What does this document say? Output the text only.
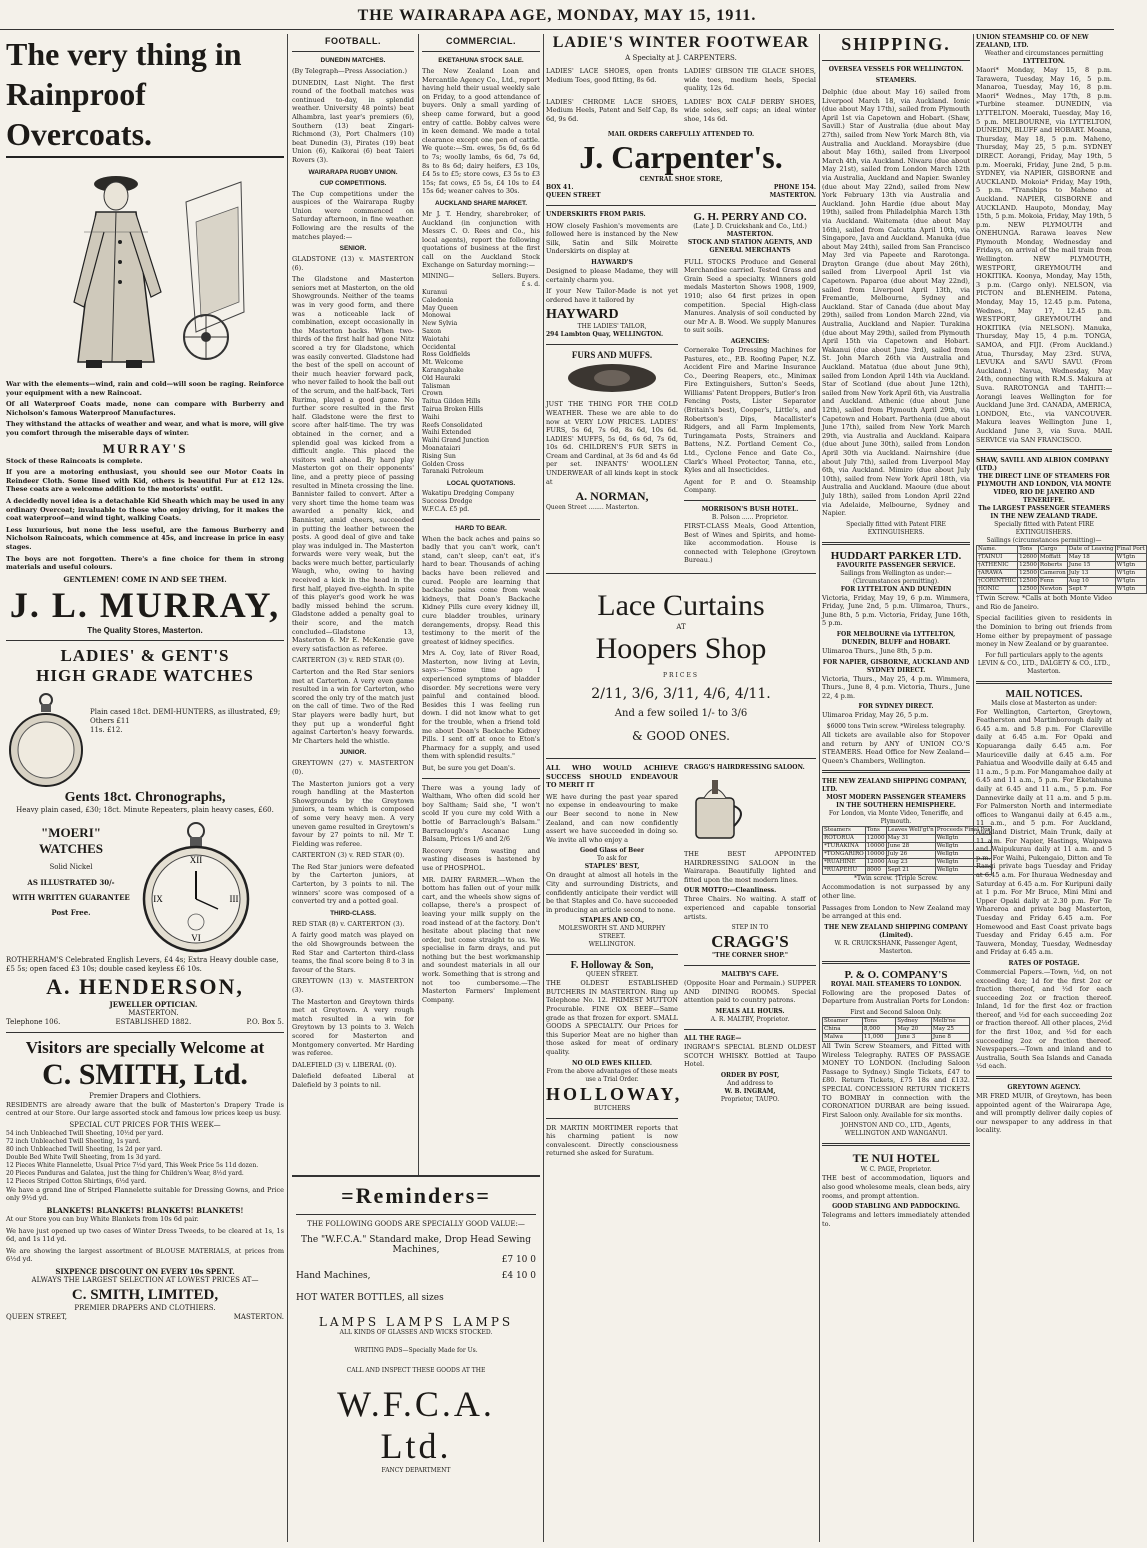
THE WAIRARAPA AGE, MONDAY, MAY 15, 1911.
The very thing in
Rainproof Overcoats.
War with the elements—wind, rain and cold—will soon be raging. Reinforce your equipment with a new Raincoat.
Of all Waterproof Coats made, none can compare with Burberry and Nicholson's famous Waterproof Manufactures.
They withstand the attacks of weather and wear, and what is more, will give you comfort through the miserable days of winter.
MURRAY'S
Stock of these Raincoats is complete.
If you are a motoring enthusiast, you should see our Motor Coats in Reindeer Cloth. Some lined with Kid, others is beautiful Fur at £12 12s. These coats are a welcome addition to the motorists' outfit.
A decidedly novel idea is a detachable Kid Sheath which may be used in any ordinary Overcoat; invaluable to those who enjoy driving, for it makes the coat waterproof—and wind tight, walking Coats.
Less luxurious, but none the less useful, are the famous Burberry and Nicholson Raincoats, which commence at 45s, and increase in price in easy stages.
The boys are not forgotten. There's a fine choice for them in strong materials and useful colours.
GENTLEMEN! COME IN AND SEE THEM.
J. L. MURRAY,
The Quality Stores, Masterton.
LADIES' & GENT'S
HIGH GRADE WATCHES
Plain cased 18ct. DEMI-HUNTERS, as illustrated, £9; Others £11
11s. £12.
Gents 18ct. Chronographs,
Heavy plain cased, £30; 18ct. Minute Repeaters, plain heavy cases, £60.
"MOERI"
WATCHES
Solid Nickel
AS ILLUSTRATED 30/-
WITH WRITTEN GUARANTEE
Post Free.
XII
III
VI
IX
ROTHERHAM'S Celebrated English Levers, £4 4s; Extra Heavy double case, £5 5s; open faced £3 10s; double cased keyless £6 10s.
A. HENDERSON,
Telephone 106.
JEWELLER OPTICIAN.
MASTERTON.
ESTABLISHED 1882.	P.O. Box 5.
Visitors are specially Welcome at
C. SMITH, Ltd.
Premier Drapers and Clothiers.
RESIDENTS are already aware that the bulk of Masterton's Drapery Trade is centred at our Store. Our large assorted stock and famous low prices keep us busy.
SPECIAL CUT PRICES FOR THIS WEEK—
54 inch Unbleached Twill Sheeting, 10½d per yard.
72 inch Unbleached Twill Sheeting, 1s yard.
80 inch Unbleached Twill Sheeting, 1s 2d per yard.
Double Bed White Twill Sheeting, from 1s 3d yard.
12 Pieces White Flannelette, Usual Price 7½d yard, This Week Price 5s 11d dozen.
20 Pieces Panduras and Galatea, just the thing for Children's Wear, 8½d yard.
12 Pieces Striped Cotton Shirtings, 6½d yard.
We have a grand line of Striped Flannelette suitable for Dressing Gowns, and Price only 9½d yd.
BLANKETS! BLANKETS! BLANKETS! BLANKETS!
At our Store you can buy White Blankets from 10s 6d pair.
We have just opened up two cases of Winter Dress Tweeds, to be cleared at 1s, 1s 6d, and 1s 11d yd.
We are showing the largest assortment of BLOUSE MATERIALS, at prices from 6½d yd.
SIXPENCE DISCOUNT ON EVERY 10s SPENT.
ALWAYS THE LARGEST SELECTION AT LOWEST PRICES AT—
C. SMITH, LIMITED,
PREMIER DRAPERS AND CLOTHIERS.
QUEEN STREET,	MASTERTON.
FOOTBALL.
DUNEDIN MATCHES.
(By Telegraph—Press Association.)
DUNEDIN, Last Night. The first round of the football matches was continued to-day, in splendid weather. University 48 points) beat Alhambra, last year's premiers (6), Southern (13) beat Zingari-Richmond (3), Port Chalmers (10) beat Dunedin (3), Pirates (19) beat Union (6), Kaikorai (6) beat Taieri Rovers (3).
WAIRARAPA RUGBY UNION.
CUP COMPETITIONS.
The Cup competitions under the auspices of the Wairarapa Rugby Union were commenced on Saturday afternoon, in fine weather. Following are the results of the matches played:—
SENIOR.
GLADSTONE (13) v. MASTERTON (6).
The Gladstone and Masterton seniors met at Masterton, on the old Showgrounds. Neither of the teams was in very good form, and there was a noticeable lack of combination, except occasionally in the Masterton backs. When two-thirds of the first half had gone Nitz scored a try for Gladstone, which was easily converted. Gladstone had the best of the spell on account of their much heavier forward pack, who never failed to hook the ball out of the scrum, and the half-back, Teri Rurima, played a good game. No further score resulted in the first half. Gladstone were the first to score after half-time. The try was obtained in the corner, and a splendid goal was kicked from a difficult angle. This placed the visitors well ahead. By hard play Masterton got on their opponents' line, and a pretty piece of passing resulted in Mineta crossing the line. Bannister failed to convert. After a very short time the home team was awarded a penalty kick, and Bannister, amid cheers, succeeded in putting the leather between the posts. A good deal of give and take play was indulged in. The Masterton forwards were very weak, but the backs were much better, particularly Waugh, who, owing to having received a kick in the head in the first half, played five-eighth. In spite of this player's good work he was badly missed behind the scrum. Gladstone added a penalty goal to their score, and the match concluded—Gladstone 13, Masterton 6. Mr E. McKenzie gave every satisfaction as referee.
CARTERTON (3) v. RED STAR (0).
Carterton and the Red Star seniors met at Carterton. A very even game resulted in a win for Carterton, who scored the only try of the match just on the call of time. Two of the Red Star players were badly hurt, but they put up a wonderful fight against Carterton's heavy forwards. Mr Charters held the whistle.
JUNIOR.
GREYTOWN (27) v. MASTERTON (0).
The Masterton juniors got a very rough handling at the Masterton Showgrounds by the Greytown juniors, a team which is composed of some very heavy men. A very uneven game resulted in Greytown's favour by 27 points to nil. Mr T. Fielding was referee.
CARTERTON (3) v. RED STAR (0).
The Red Star juniors were defeated by the Carterton juniors, at Carterton, by 3 points to nil. The winners' score was composed of a converted try and a potted goal.
THIRD-CLASS.
RED STAR (8) v. CARTERTON (3).
A fairly good match was played on the old Showgrounds between the Red Star and Carterton third-class teams, the final score being 8 to 3 in favour of the Stars.
GREYTOWN (13) v. MASTERTON (3).
The Masterton and Greytown thirds met at Greytown. A very rough match resulted in a win for Greytown by 13 points to 3. Welch scored for Masterton and Montgomery converted. Mr Harding was referee.
DALEFIELD (3) v. LIBERAL (0).
Dalefield defeated Liberal at Dalefield by 3 points to nil.
COMMERCIAL.
EKETAHUNA STOCK SALE.
The New Zealand Loan and Mercantile Agency Co., Ltd., report having held their usual weekly sale on Friday, to a good attendance of buyers. Only a small yarding of sheep came forward, but a good entry of cattle. Bobby calves were in keen demand. We made a total clearance except one pen of cattle. We quote:—Sm. ewes, 5s 6d, 6s 6d to 7s; woolly lambs, 6s 6d, 7s 6d, 8s to 8s 6d; dairy heifers, £3 10s, £4 5s to £5; store cows, £3 5s to £3 15s; fat cows, £5 5s, £4 10s to £4 15s 6d; weaner calves to 30s.
AUCKLAND SHARE MARKET.
Mr J. T. Hendry, sharebroker, of Auckland (in conjunction with Messrs C. O. Rees and Co., his local agents), report the following quotations of business at the first call on the Auckland Stock Exchange on Saturday morning:—
MINING—	Sellers. Buyers.
£ s. d.
Kuranui
Caledonia
May Queen
Monowai
New Sylvia
Saxon
Waiotahi
Occidental
Ross Goldfields
Mt. Welcome
Karangahake
Old Hauraki
Talisman
Crown
Taitua Gilden Hills
Tairua Broken Hills
Waihi
Reefs Consolidated
Waihi Extended
Waihi Grand Junction
Moanataiari
Rising Sun
Golden Cross
Taranaki Petroleum
LOCAL QUOTATIONS.
Wakatipu Dredging Company
Success Dredge
W.F.C.A. £5 pd.
HARD TO BEAR.
When the back aches and pains so badly that you can't work, can't stand, can't sleep, can't eat, it's hard to bear. Thousands of aching backs have been relieved and cured. People are learning that backache pains come from weak kidneys, that Doan's Backache Kidney Pills cure every kidney ill, cure bladder troubles, urinary derangements, dropsy. Read this testimony to the merit of the greatest of kidney specifics.
Mrs A. Coy, late of River Road, Masterton, now living at Levin, says:—"Some time ago I experienced symptoms of bladder disorder. My secretions were very painful and contained blood. Besides this I was feeling run down. I did not know what to get for the trouble, when a friend told me about Doan's Backache Kidney Pills. I sent off at once to Eton's Pharmacy for a supply, and used them with splendid results."
But, be sure you get Doan's.
There was a young lady of Waltham, Who often did scold her boy Saltham; Said she, "I won't scold If you cure my cold With a bottle of Barraclough's Balsam." Barraclough's Ascanac Lung Balsam, Prices 1/6 and 2/6
Recovery from wasting and wasting diseases is hastened by use of PHOSPHOL.
MR. DAIRY FARMER.—When the bottom has fallen out of your milk cart, and the wheels show signs of collapse, there's a prospect of leaving your milk supply on the road instead of at the factory. Don't hesitate about placing that new order, but come straight to us. We specialise in farm drays, and put nothing but the best workmanship and soundest materials in all our work. Something that is strong and not too cumbersome.—The Masterton Farmers' Implement Company.
=Reminders=
THE FOLLOWING GOODS ARE SPECIALLY GOOD VALUE:—
The "W.F.C.A." Standard make, Drop Head Sewing Machines,
£7 10 0
Hand Machines,	£4 10 0
HOT WATER BOTTLES, all sizes
LAMPS LAMPS LAMPS
ALL KINDS OF GLASSES AND WICKS STOCKED.
WRITING PADS—Specially Made for Us.
CALL AND INSPECT THESE GOODS AT THE
W.F.C.A. Ltd.
FANCY DEPARTMENT
LADIE'S WINTER FOOTWEAR
A Specialty at J. CARPENTERS.
LADIES' LACE SHOES, open fronts Medium Toes, good fitting, 8s 6d.
LADIES' GIBSON TIE GLACE SHOES, wide toes, medium heels, Special quality, 12s 6d.
LADIES' CHROME LACE SHOES, Medium Heels, Patent and Self Cap, 8s 6d, 9s 6d.
LADIES' BOX CALF DERBY SHOES, wide soles, self caps; an ideal winter shoe, 14s 6d.
MAIL ORDERS CAREFULLY ATTENDED TO.
J. Carpenter's.
CENTRAL SHOE STORE,
BOX 41.	PHONE 154.
QUEEN STREET	MASTERTON.
UNDERSKIRTS FROM PARIS.
HOW closely Fashion's movements are followed here is instanced by the New Silk, Satin and Silk Moirette Underskirts on display at
HAYWARD'S
Designed to please Madame, they will certainly charm you.
If your New Tailor-Made is not yet ordered have it tailored by
HAYWARD
THE LADIES' TAILOR,
294 Lambton Quay, WELLINGTON.
FURS AND MUFFS.
JUST THE THING FOR THE COLD WEATHER. These we are able to do now at VERY LOW PRICES. LADIES' FURS, 5s 6d, 7s 6d, 8s 6d, 10s 6d. LADIES' MUFFS, 5s 6d, 6s 6d, 7s 6d, 10s 6d. CHILDREN'S FUR SETS in Cream and Cardinal, at 3s 6d and 4s 6d per set. INFANTS' WOOLLEN UNDERWEAR of all kinds kept in stock at
A. NORMAN,
Queen Street ........ Masterton.
G. H. PERRY AND CO.
(Late J. D. Cruickshank and Co., Ltd.)
MASTERTON.
STOCK AND STATION AGENTS, AND GENERAL MERCHANTS
FULL STOCKS Produce and General Merchandise carried. Tested Grass and Grain Seed a specialty. Winners gold medals Masterton Shows 1908, 1909, 1910; also 64 first prizes in open competition. Special High-class Manures. Analysis of soil conducted by our Mr A. B. Wood. We supply Manures to suit soils.
AGENCIES:
Cornerake Top Dressing Machines for Pastures, etc., P.B. Roofing Paper, N.Z. Accident Fire and Marine Insurance Co., Deering Reapers, etc., Minimax Fire Extinguishers, Sutton's Seeds, Williams' Patent Droppers, Butler's Iron Fencing Posts, Lister Separator (Britain's best), Cooper's, Little's, and Robertson's Dips, Macallister's Ridgers, and all Farm Implements, Turingamata Posts, Strainers and Battens, N.Z. Portland Cement Co., Ltd., Cyclone Fence and Gate Co., Clark's Wheel Protector, Tanna, etc., Kyles and all Insecticides.
Agent for P. and O. Steamship Company.
MORRISON'S BUSH HOTEL.
B. Polson ...... Proprietor.
FIRST-CLASS Meals, Good Attention, Best of Wines and Spirits, and home-like accommodation. House is connected with Telephone (Greytown Bureau.)
Lace Curtains
AT
Hoopers Shop
PRICES
2/11, 3/6, 3/11, 4/6, 4/11.
And a few soiled 1/- to 3/6
& GOOD ONES.
ALL WHO WOULD ACHIEVE SUCCESS SHOULD ENDEAVOUR TO MERIT IT
WE have during the past year spared no expense in endeavouring to make our Beer second to none in New Zealand, and can now confidently assert we have succeeded in doing so. We invite all who enjoy a
Good Glass of Beer
To ask for
STAPLES' BEST,
On draught at almost all hotels in the City and surrounding Districts, and confidently anticipate their verdict will be that Staples and Co. have succeeded in producing an article second to none.
STAPLES AND CO.,
MOLESWORTH ST. AND MURPHY STREET.
WELLINGTON.
F. Holloway & Son,
QUEEN STREET.
THE OLDEST ESTABLISHED BUTCHERS IN MASTERTON. Ring up Telephone No. 12. PRIMEST MUTTON Procurable. FINE OX BEEF—Same grade as that frozen for export. SMALL GOODS A SPECIALTY. Our Prices for this Superior Meat are no higher than those asked for meat of ordinary quality.
NO OLD EWES KILLED.
From the above advantages of these meats use a Trial Order.
HOLLOWAY,
BUTCHERS
DR MARTIN MORTIMER reports that his charming patient is now convalescent. Directly consciousness returned she asked for Suratum.
CRAGG'S HAIRDRESSING SALOON.
THE BEST APPOINTED HAIRDRESSING SALOON in the Wairarapa. Beautifully lighted and fitted upon the most modern lines.
OUR MOTTO:—Cleanliness.
Three Chairs. No waiting. A staff of experienced and capable tonsorial artists.
STEP IN TO
CRAGG'S
"THE CORNER SHOP."
MALTBY'S CAFE.
(Opposite Hoar and Permain.) SUPPER AND DINING ROOMS. Special attention paid to country patrons.
MEALS ALL HOURS.
A. R. MALTBY, Proprietor.
ALL THE RAGE—
INGRAM'S SPECIAL BLEND OLDEST SCOTCH WHISKY. Bottled at Taupo Hotel.
ORDER BY POST,
And address to
W. B. INGRAM,
Proprietor, TAUPO.
SHIPPING.
OVERSEA VESSELS FOR WELLINGTON.
STEAMERS.
Delphic (due about May 16) sailed from Liverpool March 18, via Auckland. Ionic (due about May 17th), sailed from Plymouth April 1st via Capetown and Hobart. (Shaw, Savill.) Star of Australia (due about May 27th), sailed from New York March 8th, via Australia and Auckland. Moraysbire (due about May 16th), sailed from Liverpool March 4th, via Auckland. Niwaru (due about May 21st), sailed from London March 12th via Australia, Auckland and Napier. Swanley (due about May 22nd), sailed from New York February 13th via Australia and Auckland. John Hardie (due about May 19th), sailed from Philadelphia March 13th via Auckland. Waitemata (due about May 16th), sailed from Calcutta April 10th, via Singapore, Java and Auckland. Manuka (due about May 24th), sailed from San Francisco May 3rd via Papeete and Rarotonga. Drayton Grange (due about May 26th), sailed from Liverpool April 1st via Capetown. Paparoa (due about May 22nd), sailed from Liverpool April 13th, via Fremantle, Melbourne, Sydney and Auckland. Star of Canada (due about May 29th), sailed from London March 22nd, via Australia, Auckland and Napier. Turakina (due about May 29th), sailed from Plymouth April 15th via Capetown and Hobart. Wakanui (due about June 3rd), sailed from St. John March 26th via Australia and Auckland. Matatua (due about June 9th), sailed from London April 14th via Auckland. Star of Scotland (due about June 12th), sailed from New York April 6th, via Australia and Auckland. Athenic (due about June 12th), sailed from Plymouth April 29th, via Capetown and Hobart. Parthenia (due about June 17th), sailed from New York March 29th, via Australia and Auckland. Kaipara (due about June 30th), sailed from London April 30th via Auckland. Nairnshire (due about July 7th), sailed from Liverpool May 6th, via Auckland. Mimiro (due about July 10th), sailed from New York April 18th, via Australia and Auckland. Maoure (due about July 18th), sailed from London April 22nd via Adelaide, Melbourne, Sydney and Napier.
Specially fitted with Patent FIRE EXTINGUISHERS.
HUDDART PARKER LTD.
FAVOURITE PASSENGER SERVICE.
Sailings from Wellington as under:— (Circumstances permitting).
FOR LYTTELTON AND DUNEDIN
Victoria, Friday, May 19, 6 p.m. Wimmera, Friday, June 2nd, 5 p.m. Ulimaroa, Thurs., June 8th, 5 p.m. Victoria, Friday, June 16th, 5 p.m.
FOR MELBOURNE via LYTTELTON, DUNEDIN, BLUFF and HOBART.
Ulimaroa Thurs., June 8th, 5 p.m.
FOR NAPIER, GISBORNE, AUCKLAND AND SYDNEY DIRECT.
Victoria, Thurs., May 25, 4 p.m. Wimmera, Thurs., June 8, 4 p.m. Victoria, Thurs., June 22, 4 p.m.
FOR SYDNEY DIRECT.
Ulimaroa Friday, May 26, 5 p.m.
$6000 tons Twin screw. *Wireless telegraphy.
All tickets are available also for Stopover and return by ANY of UNION CO.'S STEAMERS. Head Office for New Zealand—Queen's Chambers, Wellington.
THE NEW ZEALAND SHIPPING COMPANY, LTD.
MOST MODERN PASSENGER STEAMERS IN THE SOUTHERN HEMISPHERE.
For London, via Monte Video, Teneriffe, and Plymouth.
Steamers	Tons	Leaves Well'gt'n	Proceeds Final Por
ROTORUA	12000	May 31	Wellgtn
*TURAKINA	10000	June 28	Wellgtn
*TONGARIRO	10000	July 26	Wellgtn
*RUAHINE	12000	Aug 23	Wellgtn
*RUAPEHU	8000	Sept 21	Wellgtn
*Twin screw. †Triple Screw.
Accommodation is not surpassed by any other line.
Passages from London to New Zealand may be arranged at this end.
THE NEW ZEALAND SHIPPING COMPANY (Limited).
W. R. CRUICKSHANK, Passenger Agent, Masterton.
P. & O. COMPANY'S
ROYAL MAIL STEAMERS TO LONDON.
Following are the proposed Dates of Departure from Australian Ports for London:
First and Second Saloon Only.
Steamer	Tons	Sydney	Melb'ne
China	8,000	May 20	May 25
Malwa	11,000	June 3	June 8
All Twin Screw Steamers, and Fitted with Wireless Telegraphy. RATES OF PASSAGE MONEY TO LONDON. (Including Saloon Passage to Sydney.) Single Tickets, £47 to £80. Return Tickets, £75 18s and £132. SPECIAL CONCESSION RETURN TICKETS TO BOMBAY in connection with the CORONATION DURBAR are being issued. First Saloon only. Available for six months.
JOHNSTON AND CO., LTD., Agents, WELLINGTON AND WANGANUI.
TE NUI HOTEL
W. C. PAGE, Proprietor.
THE best of accommodation, liquors and also good wholesome meals, clean beds, airy rooms, and prompt attention.
GOOD STABLING AND PADDOCKING.
Telegrams and letters immediately attended to.
UNION STEAMSHIP CO. OF NEW ZEALAND, LTD.
Weather and circumstances permitting
LYTTELTON.
Maori* Monday, May 15, 8 p.m. Tarawera, Tuesday, May 16, 5 p.m. Manaroa, Tuesday, May 16, 8 p.m. Maori* Wednes., May 17th, 8 p.m. *Turbine steamer. DUNEDIN, via LYTTELTON. Moeraki, Tuesday, May 16, 5 p.m. MELBOURNE, via LYTTELTON, DUNEDIN, BLUFF and HOBART. Moana, Thursday, May 18, 5 p.m. Maheno, Thursday, May 25, 5 p.m. SYDNEY DIRECT. Aorangi, Friday, May 19th, 5 p.m. Moeraki, Friday, June 2nd, 5 p.m. SYDNEY, via NAPIER, GISBORNE and AUCKLAND. Mokoia* Friday, May 19th, 5 p.m. *Tranships to Maheno at Auckland. NAPIER, GISBORNE and AUCKLAND. Haupoto, Monday, May 15th, 5 p.m. Mokoia, Friday, May 19th, 5 p.m. NEW PLYMOUTH and ONEHUNGA. Rarawa leaves New Plymouth Monday, Wednesday and Fridays, on arrival of the mail train from Wellington. NEW PLYMOUTH, WESTPORT, GREYMOUTH and HOKITIKA. Koonya, Monday, May 15th, 3 p.m. (Cargo only). NELSON, via PICTON and BLENHEIM. Patena, Monday, May 15, 12.45 p.m. Patena, Wednes., May 17, 12.45 p.m. WESTPORT, GREYMOUTH and HOKITIKA (via NELSON). Manuka, Thursday, May 15, 4 p.m. TONGA, SAMOA, and FIJI. (From Auckland.) Atua, Thursday, May 23rd. SUVA, LEVUKA and SAVU SAVU. (From Auckland.) Navua, Wednesday, May 24th, connecting with R.M.S. Makura at Suva. RAROTONGA and TAHITI:— Aorangi leaves Wellington for for Auckland June 3rd. CANADA, AMERICA, LONDON, Etc., via VANCOUVER. Makura leaves Wellington June 1, Auckland June 3, via Suva. MAIL SERVICE via SAN FRANCISCO.
SHAW, SAVILL AND ALBION COMPANY (LTD.)
THE DIRECT LINE OF STEAMERS FOR PLYMOUTH AND LONDON, VIA MONTE VIDEO, RIO DE JANEIRO AND TENERIFFE.
The LARGEST PASSENGER STEAMERS IN THE NEW ZEALAND TRADE.
Specially fitted with Patent FIRE EXTINGUISHERS.
Sailings (circumstances permitting)—
Name.	Tons	Cargo	Date of Leaving	Final Port
†TAINUI	12600	Moffatt	May 18	W'lgtn
†ATHENIC	12500	Roberts	June 15	W'lgtn
†ARAWA	12500	Cameron	July 13	W'lgtn
†CORINTHIC	12500	Fenn	Aug 10	W'lgtn
†IONIC	12500	Newton	Sept 7	W'lgtn
†Twin Screw. *Calls at both Monte Video and Rio de Janeiro.
Special facilities given to residents in the Dominion to bring out friends from Home either by prepayment of passage money in New Zealand or by guarantee.
For full particulars apply to the agents
LEVIN & CO., LTD., DALGETY & CO., LTD., Masterton.
MAIL NOTICES.
Mails close at Masterton as under:
For Wellington, Carterton, Greytown, Featherston and Martinborough daily at 6.45 a.m. and 5.8 p.m. For Clareville daily at 6.45 a.m. For Opaki and Kopuaranga daily 6.45 a.m. For Mauriceville daily at 6.45 a.m. For Pahiatua and Woodville daily at 6.45 and 11 a.m., 5 p.m. For Mangamahoe daily at 6.45 and 11 a.m., 5 p.m. For Eketahuna daily at 6.45 and 11 a.m., 5 p.m. For Dannevirke daily at 11 a.m. and 5 p.m. For Palmerston North and intermediate offices to Wanganui daily at 6.45 a.m., 11 a.m., and 5 p.m. For Auckland, Auckland District, Main Trunk, daily at 11 a.m. For Napier, Hastings, Waipawa and Waipukurau daily at 11 a.m. and 5 p.m. For Waihi, Pukengaio, Ditton and Te Rangi private bags Tuesday and Friday at 6.45 a.m. For Ihuraua Wednesday and Saturday at 6.45 a.m. For Kuripuni daily at 1 p.m. For Mr Bruce, Mini Mini and Upper Opaki daily at 2.30 p.m. For Te Whareroa and private bag Masterton, Tuesday and Friday 6.45 a.m. For Homewood and East Coast private bags Tuesday and Friday 6.45 a.m. For Tauwera, Monday, Tuesday, Wednesday and Friday at 6.45 a.m.
RATES OF POSTAGE.
Commercial Papers.—Town, ½d, on not exceeding 4oz; 1d for the first 2oz or fraction thereof, and ½d for each succeeding 2oz or fraction thereof. Inland, 1d for the first 4oz or fraction thereof, and ½d for each succeeding 2oz or fraction thereof. All other places, 2½d for the first 10oz, and ½d for each succeeding 2oz or fraction thereof. Newspapers.—Town and inland and to Australia, South Sea Islands and Canada ½d each.
GREYTOWN AGENCY.
MR FRED MUIR, of Greytown, has been appointed agent of the Wairarapa Age, and will promptly deliver daily copies of our newspaper to any address in that locality.
